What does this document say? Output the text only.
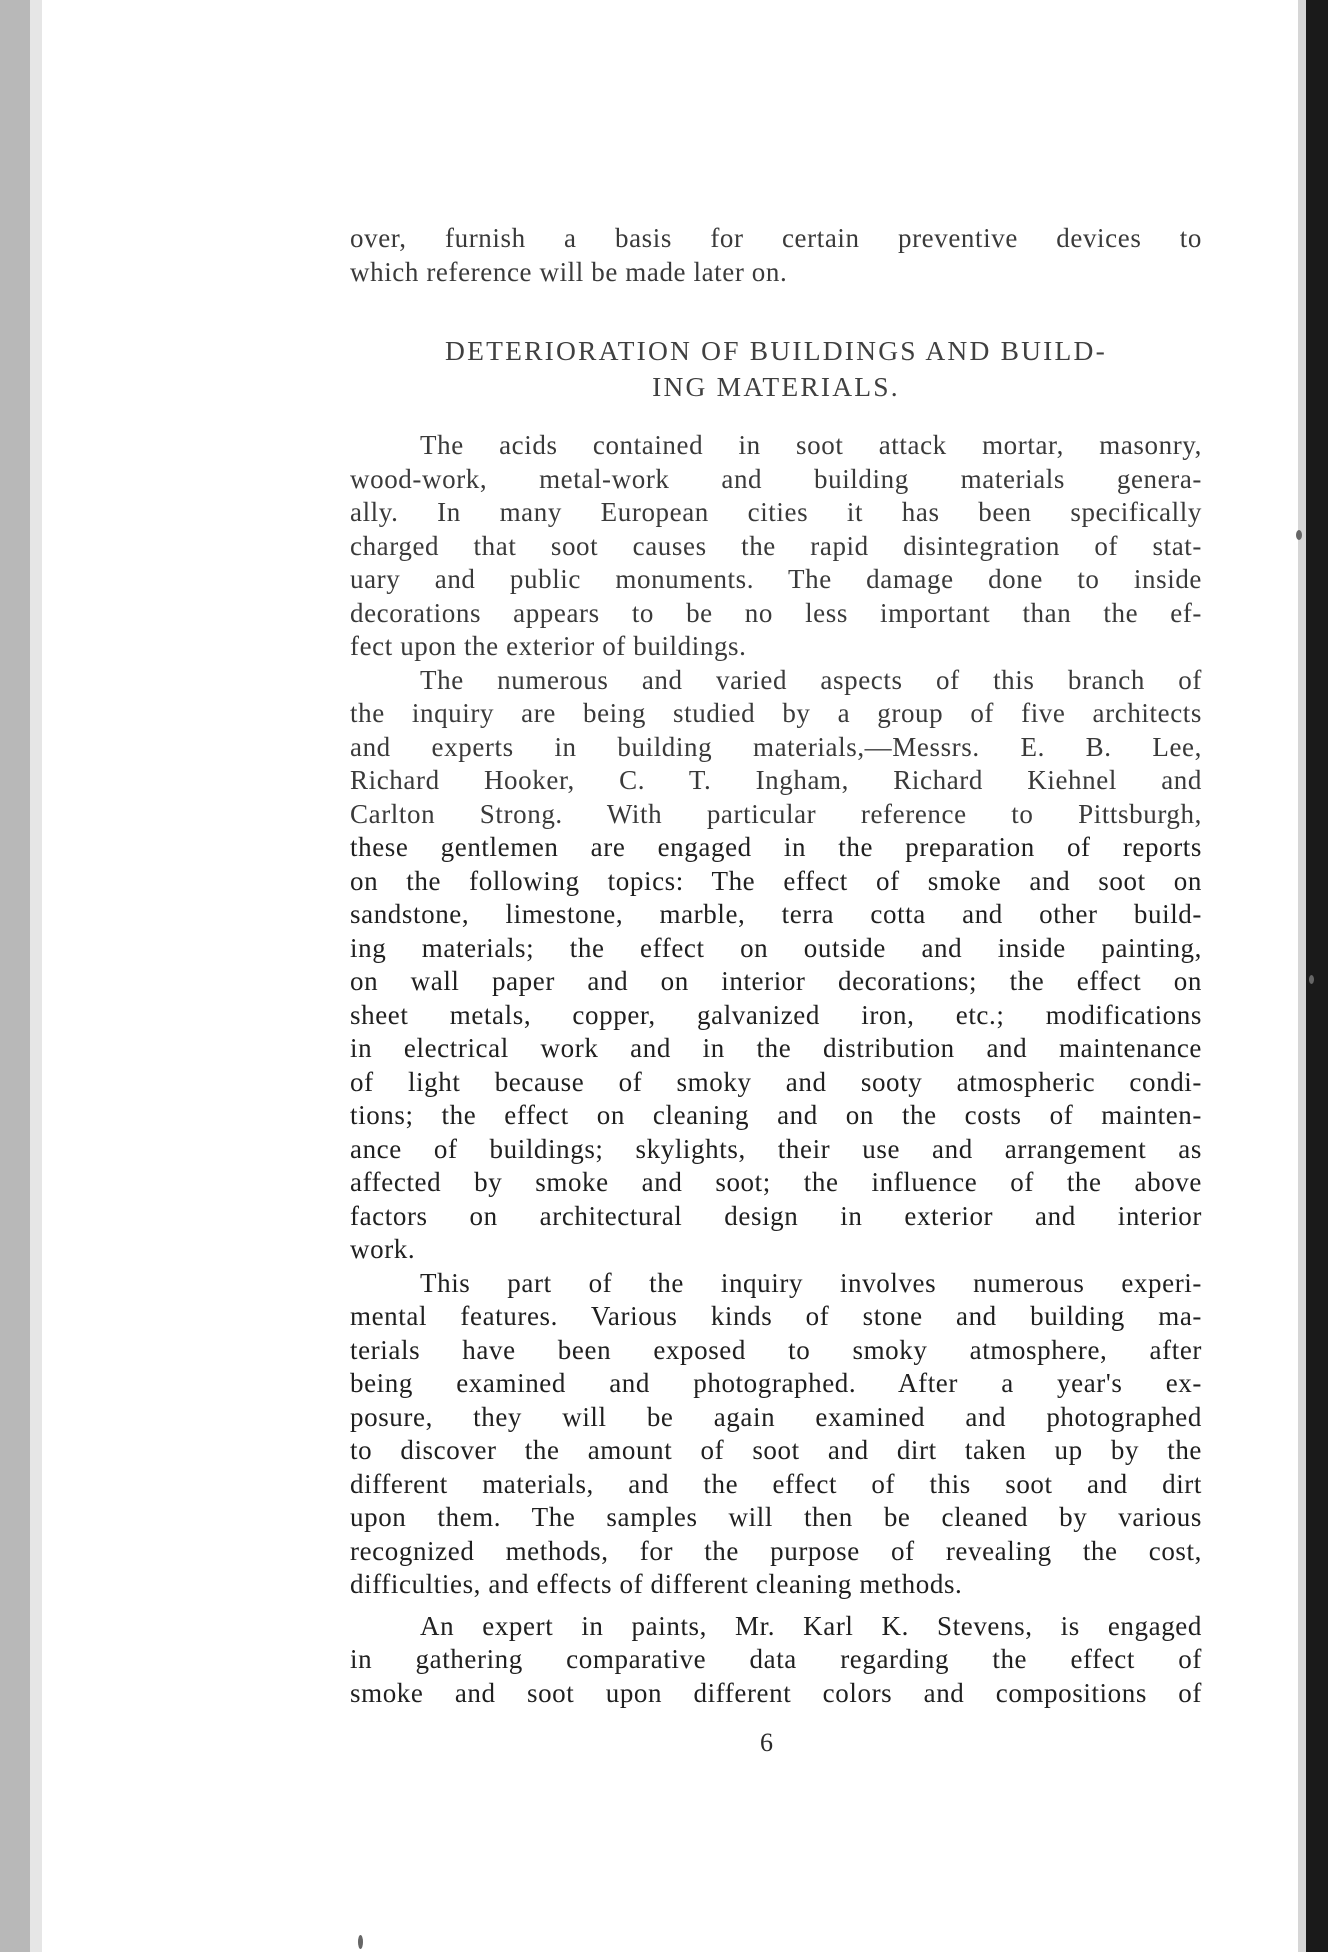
over, furnish a basis for certain preventive devices to
which reference will be made later on.

DETERIORATION OF BUILDINGS AND BUILD-
ING MATERIALS.

The acids contained in soot attack mortar, masonry,
wood-work, metal-work and building materials genera-
ally. In many European cities it has been specifically
charged that soot causes the rapid disintegration of stat-
uary and public monuments. The damage done to inside
decorations appears to be no less important than the ef-
fect upon the exterior of buildings.

The numerous and varied aspects of this branch of
the inquiry are being studied by a group of five architects
and experts in building materials,—Messrs. E. B. Lee,
Richard Hooker, C. T. Ingham, Richard Kiehnel and
Carlton Strong. With particular reference to Pittsburgh,
these gentlemen are engaged in the preparation of reports
on the following topics: The effect of smoke and soot on
sandstone, limestone, marble, terra cotta and other build-
ing materials; the effect on outside and inside painting,
on wall paper and on interior decorations; the effect on
sheet metals, copper, galvanized iron, etc.; modifications
in electrical work and in the distribution and maintenance
of light because of smoky and sooty atmospheric condi-
tions; the effect on cleaning and on the costs of mainten-
ance of buildings; skylights, their use and arrangement as
affected by smoke and soot; the influence of the above
factors on architectural design in exterior and interior
work.

This part of the inquiry involves numerous experi-
mental features. Various kinds of stone and building ma-
terials have been exposed to smoky atmosphere, after
being examined and photographed. After a year's ex-
posure, they will be again examined and photographed
to discover the amount of soot and dirt taken up by the
different materials, and the effect of this soot and dirt
upon them. The samples will then be cleaned by various
recognized methods, for the purpose of revealing the cost,
difficulties, and effects of different cleaning methods.

An expert in paints, Mr. Karl K. Stevens, is engaged
in gathering comparative data regarding the effect of
smoke and soot upon different colors and compositions of

6
